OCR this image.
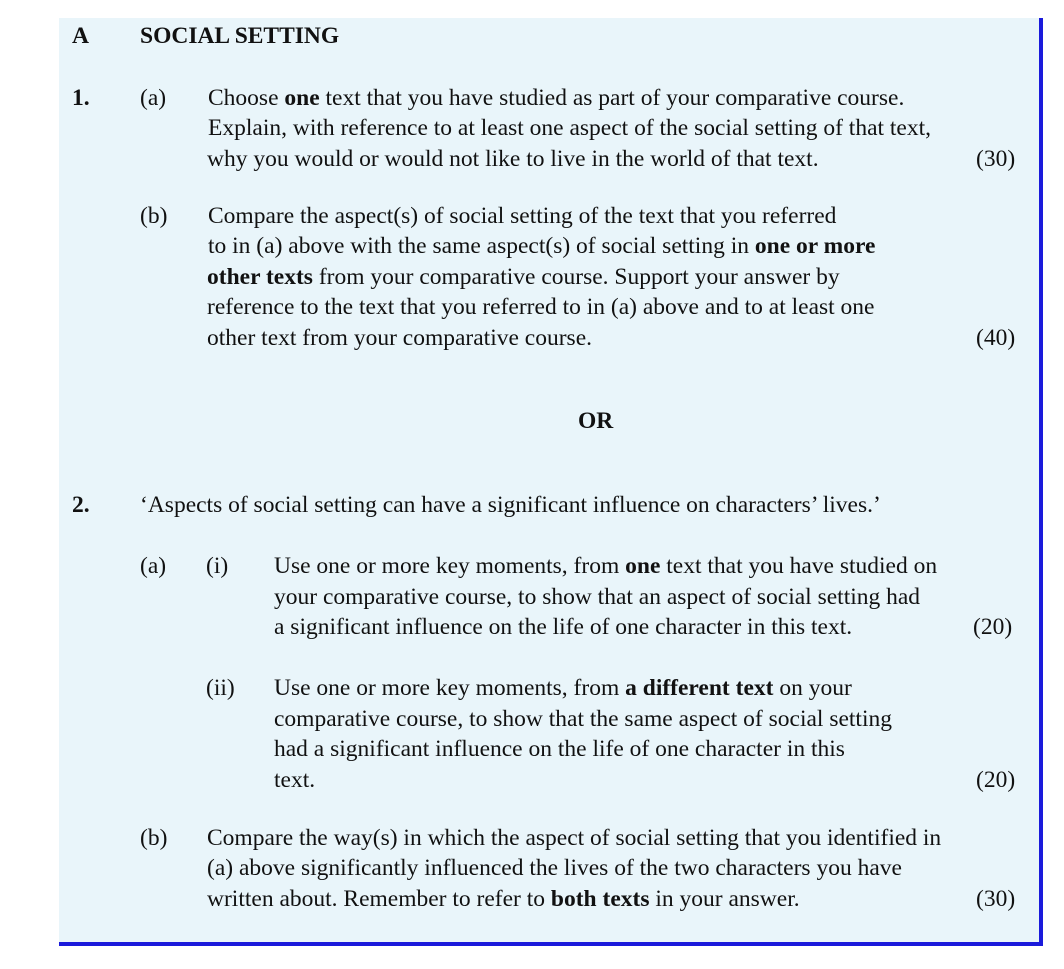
A SOCIAL SETTING
1. (a) Choose one text that you have studied as part of your comparative course.
Explain, with reference to at least one aspect of the social setting of that text,
why you would or would not like to live in the world of that text.	(30)
(b) Compare the aspect(s) of social setting of the text that you referred
to in (a) above with the same aspect(s) of social setting in one or more
other texts from your comparative course. Support your answer by
reference to the text that you referred to in (a) above and to at least one
other text from your comparative course.	(40)
OR
2. ‘Aspects of social setting can have a significant influence on characters’ lives.’
(a) (i) Use one or more key moments, from one text that you have studied on
your comparative course, to show that an aspect of social setting had
a significant influence on the life of one character in this text.	(20)
(ii) Use one or more key moments, from a different text on your
comparative course, to show that the same aspect of social setting
had a significant influence on the life of one character in this
text.	(20)
(b) Compare the way(s) in which the aspect of social setting that you identified in
(a) above significantly influenced the lives of the two characters you have
written about. Remember to refer to both texts in your answer.	(30)
